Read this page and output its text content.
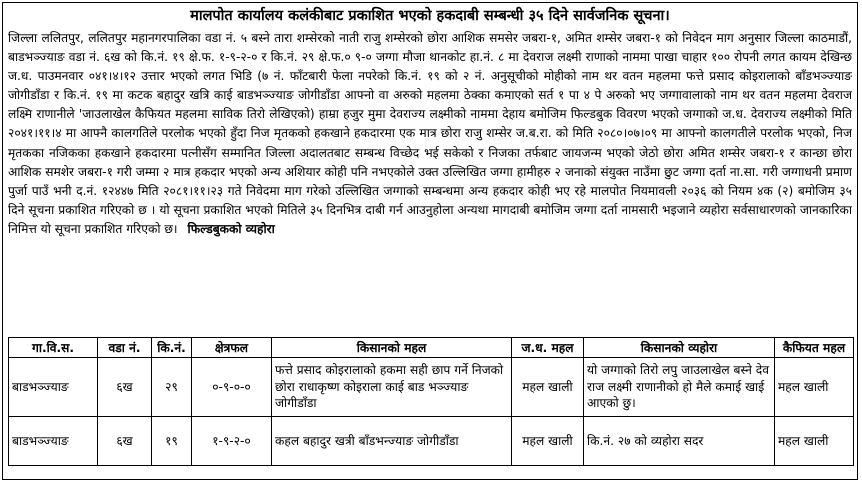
मालपोत कार्यालय कलंकीबाट प्रकाशित भएको हकदाबी सम्बन्धी ३५ दिने सार्वजनिक सूचना।
जिल्ला ललितपुर, ललितपुर महानगरपालिका वडा नं. ५ बस्ने तारा शम्सेरको नाती राजु शम्सेरको छोरा आशिक समसेर जबरा-१, अमित शम्सेर जबरा-१ को निवेदन माग अनुसार जिल्ला काठमाडौं, बाडभञ्ज्याङ वडा नं. ६ख को कि.नं. १९ क्षे.फ. १-९-२-० र कि.नं. २९ क्षे.फ.० ९-० जग्गा मौजा थानकोट हा.नं. ८ मा देवराज लक्ष्मी राणाको नाममा पाखा चाहार १०० रोपनी लगत कायम देखिन्छ ज.ध. पाउमनवार ०४१।४।१२ उत्तार भएको लगत भिडि (७ नं. फाँटबारी फेला नपरेको कि.नं. १९ को २ नं. अनुसूचीको मोहीको नाम थर वतन महलमा फत्ते प्रसाद कोइरालाको बाँडभञ्ज्याङ जोगीडाँडा र कि.नं. १९ मा कटक बहादुर खत्रि काई बाडभञ्ज्याङ जोगीडाँडा आफ्नो वा अरुको महलमा ठेक्का कमाएको सर्त १ पा ४ पे अरुको भए जग्गावालाको नाम थर वतन महलमा देवराज लक्ष्मि राणानीले 'जाउलाखेल कैफियत महलमा साविक तिरो लेखिएको) हाम्रा हजुर मुमा देवराज्य लक्ष्मीको नाममा देहाय बमोजिम फिल्डबुक विवरण भएको जग्गाको ज.ध. देवराज्य लक्ष्मीको मिति २०४१।११।४ मा आफ्नै कालगतिले परलोक भएको हुँदा निज मृतकको हकखाने हकदारमा एक मात्र छोरा राजु शम्सेर ज.ब.रा. को मिति २०८०।०७।०९ मा आफ्नो कालगतीले परलोक भएको, निज मृतकका नजिकका हकखाने हकदारमा पत्नीसँग सम्मानित जिल्ला अदालतबाट सम्बन्ध विच्छेद भई सकेको र निजका तर्फबाट जायजन्म भएको जेठो छोरा अमित शम्सेर जबरा-१ र कान्छा छोरा आशिक समशेर जबरा-१ गरी जम्मा २ मात्र हकदार भएको अन्य अशियार कोही पनि नभएकोले उक्त उल्लिखित जग्गा हामीहरु २ जनाको संयुक्त नाउँमा छुट जग्गा दर्ता ना.सा. गरी जग्गाधनी प्रमाण पुर्जा पाउँ भनी द.नं. १२४४७ मिति २०८१।११।२३ गते निवेदमा माग गरेको उल्लिखित जग्गाको सम्बन्धमा अन्य हकदार कोही भए रहे मालपोत नियमावली २०३६ को नियम ४क (२) बमोजिम ३५ दिने सूचना प्रकाशित गरिएको छ । यो सूचना प्रकाशित भएको मितिले ३५ दिनभित्र दाबी गर्न आउनुहोला अन्यथा मागदाबी बमोजिम जग्गा दर्ता नामसारी भइजाने व्यहोरा सर्वसाधारणको जानकारिका निमित्त यो सूचना प्रकाशित गरिएको छ। फिल्डबुकको व्यहोरा
गा.वि.स.	वडा नं.	कि.नं.	क्षेत्रफल	किसानको महल	ज.ध. महल	किसानको व्यहोरा	कैफियत महल
बाडभञ्ज्याङ	६ख	२९	०-९-०-०	फत्ते प्रसाद कोइरालाको हकमा सही छाप गर्ने निजको छोरा राधाकृष्ण कोइराला काई बाड भञ्ज्याङ जोगीडाँडा	महल खाली	यो जग्गाको तिरो लपु जाउलाखेल बस्ने देव राज लक्ष्मी राणानीको हो मैले कमाई खाई आएको छु।	महल खाली
बाडभञ्ज्याङ	६ख	१९	१-९-२-०	कहल बहादुर खत्री बाँडभन्ज्याङ जोगीडाँडा	महल खाली	कि.नं. २७ को व्यहोरा सदर	महल खाली
